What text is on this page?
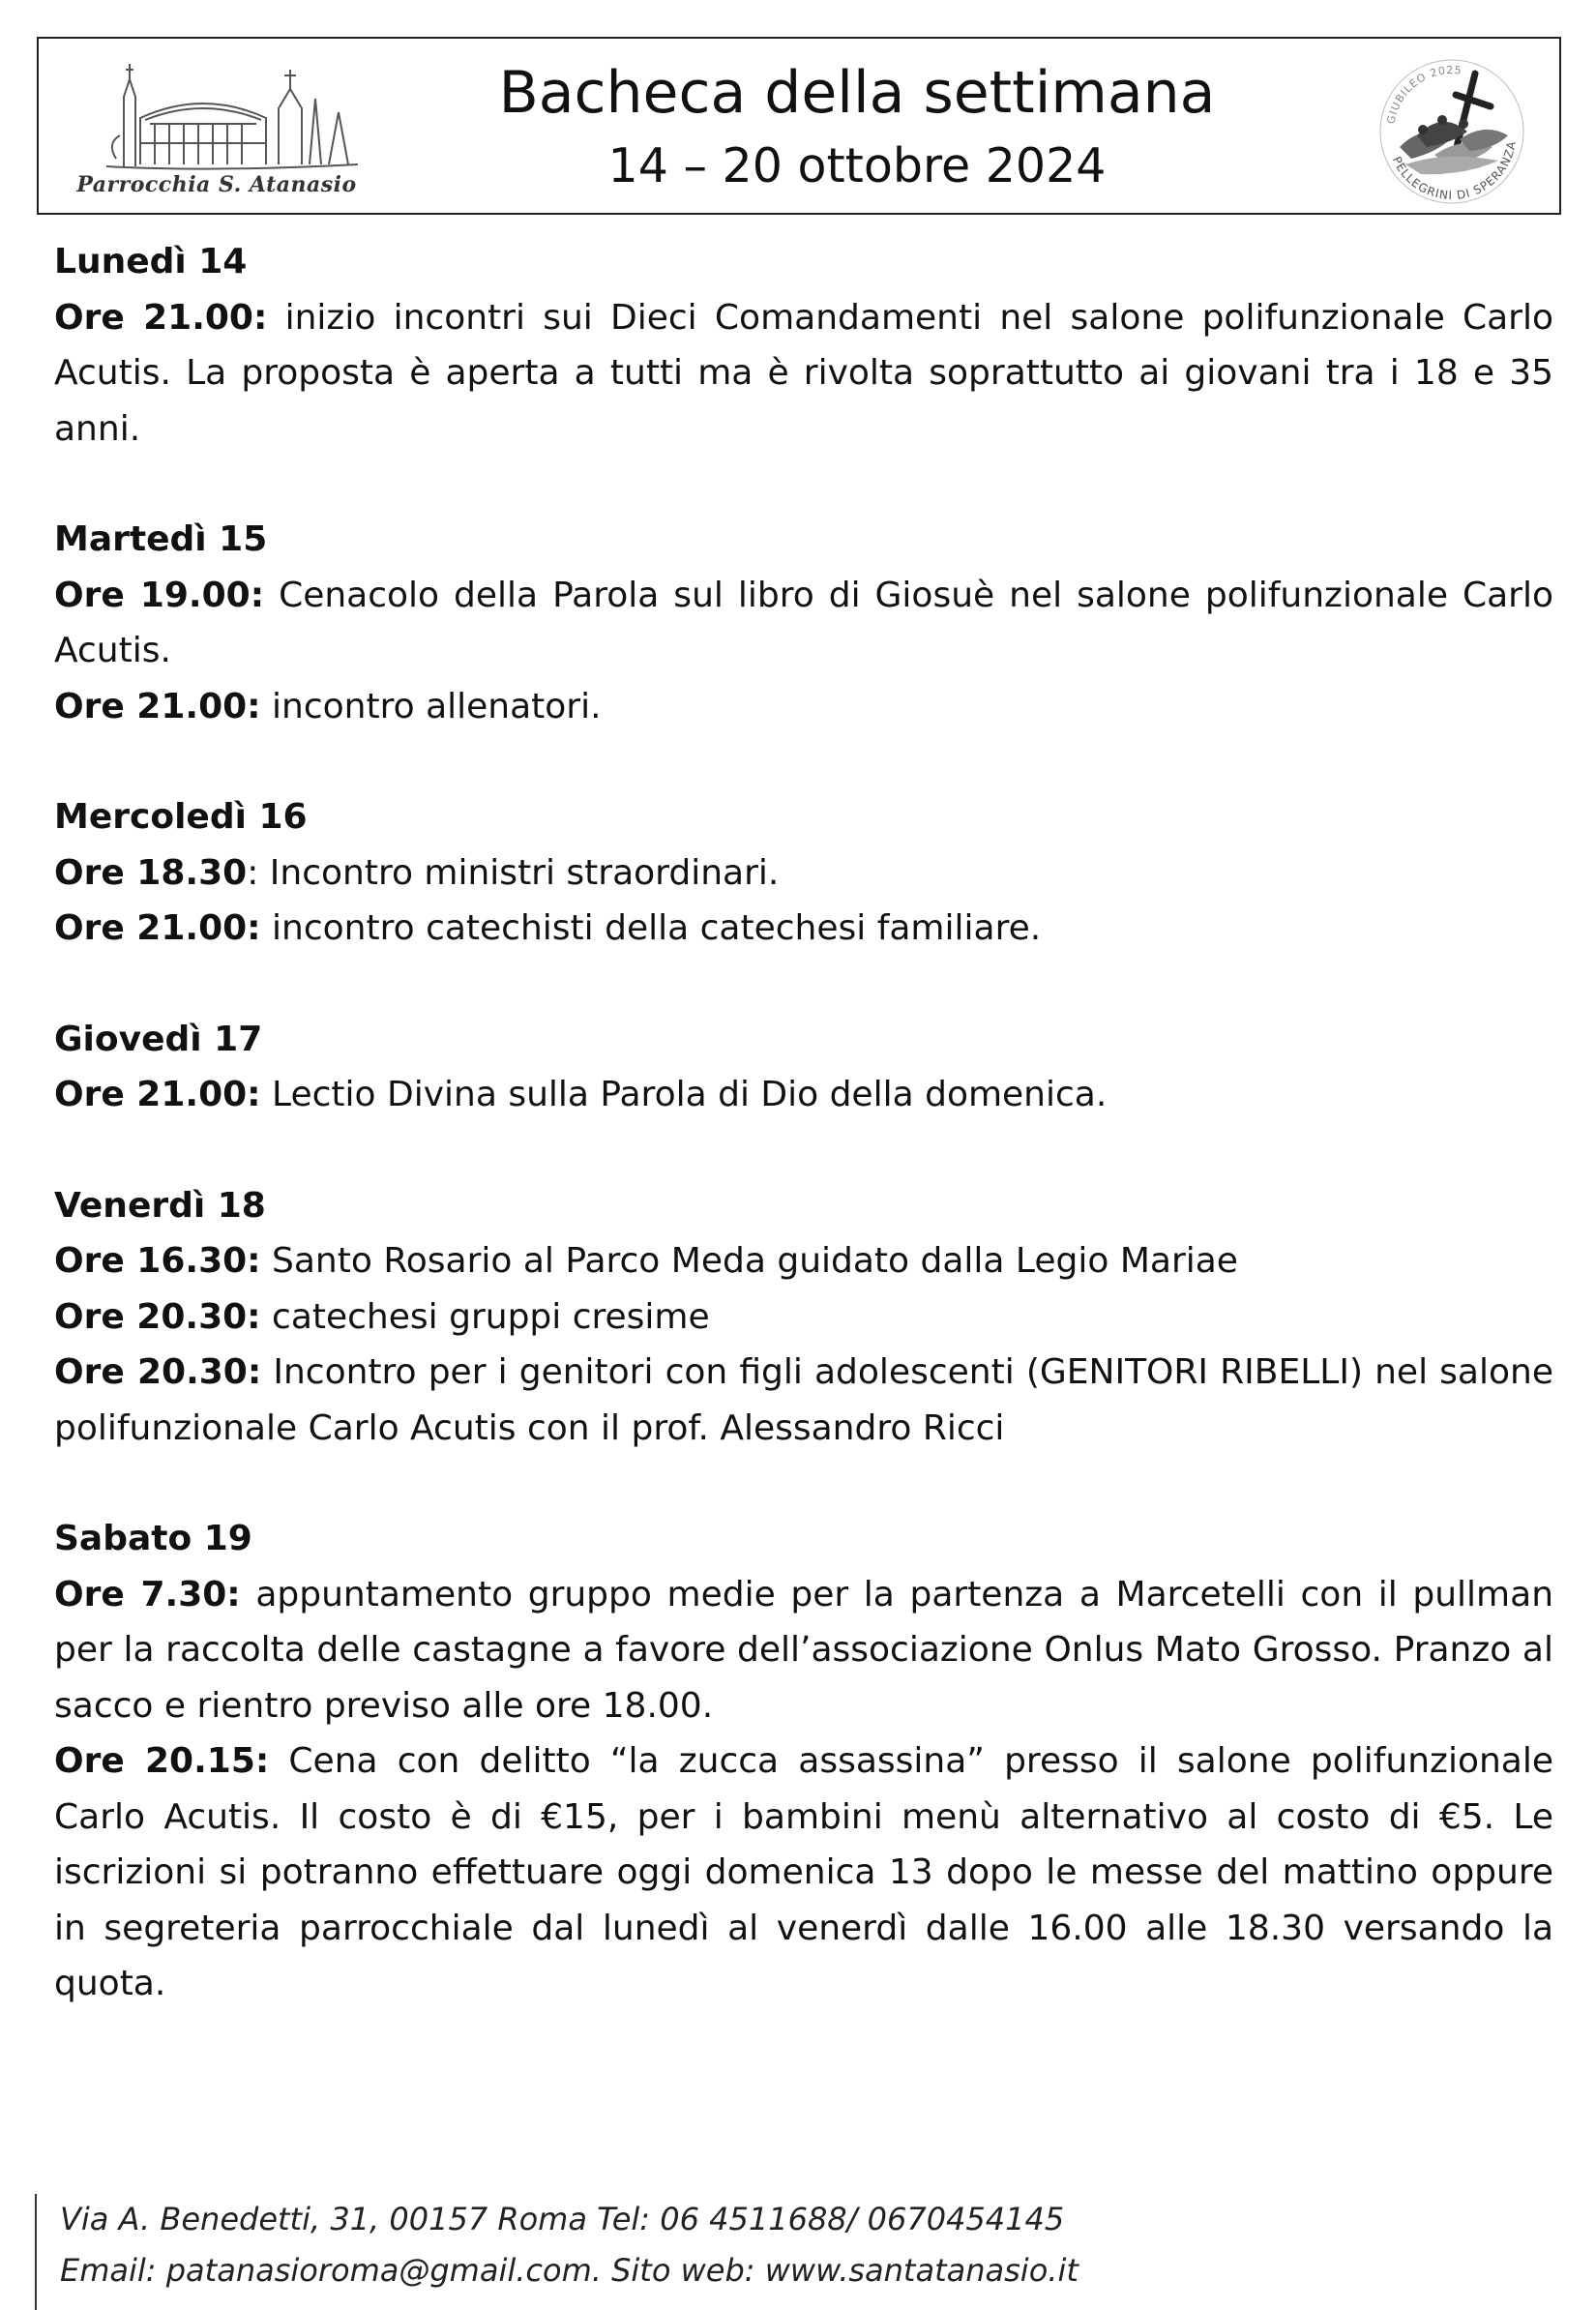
Parrocchia S. Atanasio
Bacheca della settimana
14 – 20 ottobre 2024
GIUBILEO 2025
PELLEGRINI DI SPERANZA
Lunedì 14
Ore 21.00: inizio incontri sui Dieci Comandamenti nel salone polifunzionale Carlo Acutis. La proposta è aperta a tutti ma è rivolta soprattutto ai giovani tra i 18 e 35 anni.
Martedì 15
Ore 19.00: Cenacolo della Parola sul libro di Giosuè nel salone polifunzionale Carlo Acutis.
Ore 21.00: incontro allenatori.
Mercoledì 16
Ore 18.30: Incontro ministri straordinari.
Ore 21.00: incontro catechisti della catechesi familiare.
Giovedì 17
Ore 21.00: Lectio Divina sulla Parola di Dio della domenica.
Venerdì 18
Ore 16.30: Santo Rosario al Parco Meda guidato dalla Legio Mariae
Ore 20.30: catechesi gruppi cresime
Ore 20.30: Incontro per i genitori con figli adolescenti (GENITORI RIBELLI) nel salone polifunzionale Carlo Acutis con il prof. Alessandro Ricci
Sabato 19
Ore 7.30: appuntamento gruppo medie per la partenza a Marcetelli con il pullman per la raccolta delle castagne a favore dell’associazione Onlus Mato Grosso. Pranzo al sacco e rientro previso alle ore 18.00.
Ore 20.15: Cena con delitto “la zucca assassina” presso il salone polifunzionale Carlo Acutis. Il costo è di €15, per i bambini menù alternativo al costo di €5. Le iscrizioni si potranno effettuare oggi domenica 13 dopo le messe del mattino oppure in segreteria parrocchiale dal lunedì al venerdì dalle 16.00 alle 18.30 versando la quota.
Via A. Benedetti, 31, 00157 Roma Tel: 06 4511688/ 0670454145
Email: patanasioroma@gmail.com. Sito web: www.santatanasio.it
